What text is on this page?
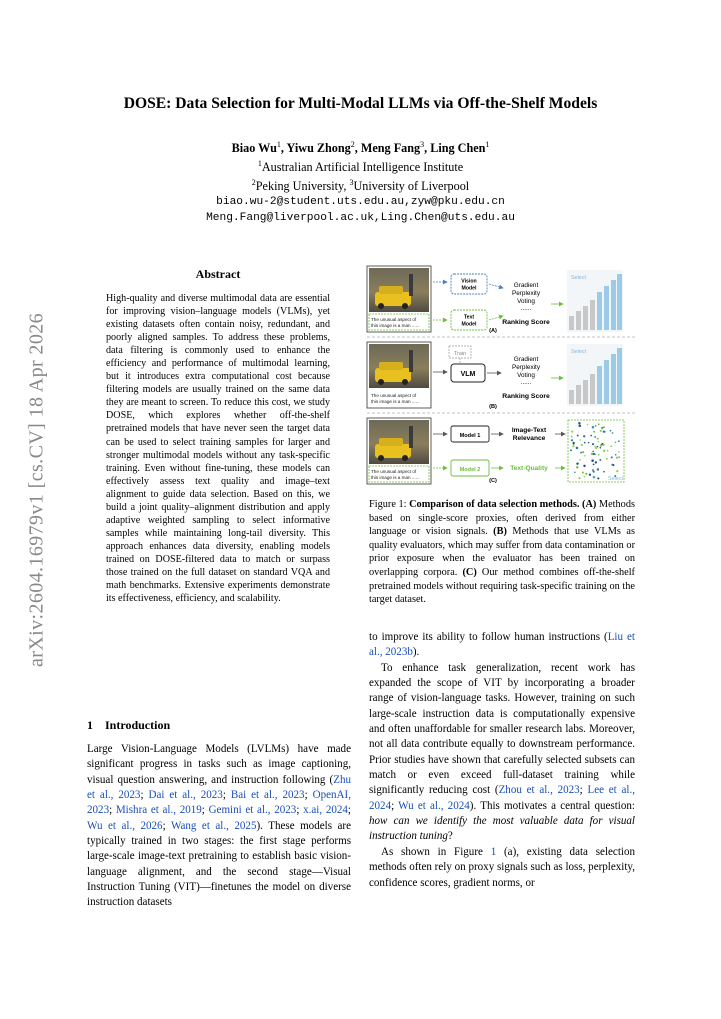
arXiv:2604.16979v1 [cs.CV] 18 Apr 2026
DOSE: Data Selection for Multi-Modal LLMs via Off-the-Shelf Models
Biao Wu$^1$, Yiwu Zhong$^2$, Meng Fang$^3$, Ling Chen$^1$
$^1$Australian Artificial Intelligence Institute
$^2$Peking University, $^3$University of Liverpool
biao.wu-2@student.uts.edu.au,zyw@pku.edu.cn
Meng.Fang@liverpool.ac.uk,Ling.Chen@uts.edu.au
Abstract
High-quality and diverse multimodal data are essential for improving vision–language models (VLMs), yet existing datasets often contain noisy, redundant, and poorly aligned samples. To address these problems, data filtering is commonly used to enhance the efficiency and performance of multimodal learning, but it introduces extra computational cost because filtering models are usually trained on the same data they are meant to screen. To reduce this cost, we study DOSE, which explores whether off-the-shelf pretrained models that have never seen the target data can be used to select training samples for larger and stronger multimodal models without any task-specific training. Even without fine-tuning, these models can effectively assess text quality and image–text alignment to guide data selection. Based on this, we build a joint quality–alignment distribution and apply adaptive weighted sampling to select informative samples while maintaining long-tail diversity. This approach enhances data diversity, enabling models trained on DOSE-filtered data to match or surpass those trained on the full dataset on standard VQA and math benchmarks. Extensive experiments demonstrate its effectiveness, efficiency, and scalability.
1 Introduction

Large Vision-Language Models (LVLMs) have made significant progress in tasks such as image captioning, visual question answering, and instruction following (Zhu et al., 2023; Dai et al., 2023; Bai et al., 2023; OpenAI, 2023; Mishra et al., 2019; Gemini et al., 2023; x.ai, 2024; Wu et al., 2026; Wang et al., 2025). These models are typically trained in two stages: the first stage performs large-scale image-text pretraining to establish basic vision-language alignment, and the second stage—Visual Instruction Tuning (VIT)—finetunes the model on diverse instruction datasets

to improve its ability to follow human instructions (Liu et al., 2023b).

To enhance task generalization, recent work has expanded the scope of VIT by incorporating a broader range of vision-language tasks. However, training on such large-scale instruction data is computationally expensive and often unaffordable for smaller research labs. Moreover, not all data contribute equally to downstream performance. Prior studies have shown that carefully selected subsets can match or even exceed full-dataset training while significantly reducing cost (Zhou et al., 2023; Lee et al., 2024; Wu et al., 2024). This motivates a central question: how can we identify the most valuable data for visual instruction tuning?

As shown in Figure 1 (a), existing data selection methods often rely on proxy signals such as loss, perplexity, confidence scores, gradient norms, or

Figure 1: Comparison of data selection methods. (A) Methods based on single-score proxies, often derived from either language or vision signals. (B) Methods that use VLMs as quality evaluators, which may suffer from data contamination or prior exposure when the evaluator has been trained on overlapping corpora. (C) Our method combines off-the-shelf pretrained models without requiring task-specific training on the target dataset.
The unusual aspect of
this image is a man ......
Vision
Model
Text
Model
Gradient
Perplexity
Voting
......
Ranking Score
(A)
Select
The unusual aspect of
this image is a man ......
Train
VLM
Gradient
Perplexity
Voting
......
Ranking Score
(B)
Select
The unusual aspect of
this image is a man ......
Model 1
Model 2
Image-Text
Relevance
Text-Quality
(C)	Select
